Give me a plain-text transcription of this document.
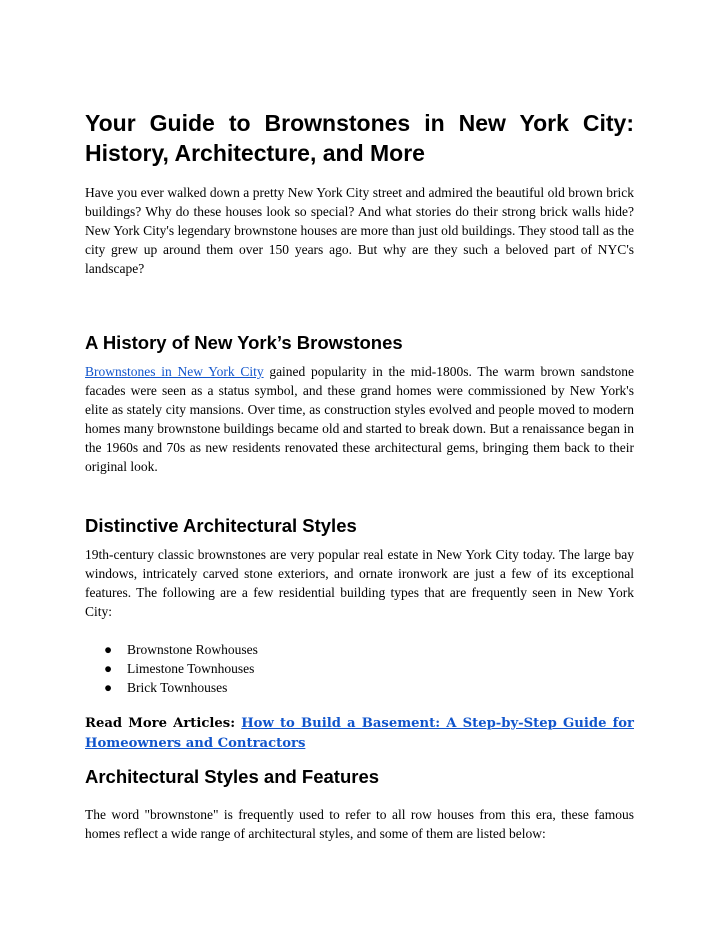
Your Guide to Brownstones in New York City: History, Architecture, and More

Have you ever walked down a pretty New York City street and admired the beautiful old brown brick buildings? Why do these houses look so special? And what stories do their strong brick walls hide? New York City's legendary brownstone houses are more than just old buildings. They stood tall as the city grew up around them over 150 years ago. But why are they such a beloved part of NYC's landscape?

A History of New York’s Browstones

Brownstones in New York City gained popularity in the mid-1800s. The warm brown sandstone facades were seen as a status symbol, and these grand homes were commissioned by New York's elite as stately city mansions. Over time, as construction styles evolved and people moved to modern homes many brownstone buildings became old and started to break down. But a renaissance began in the 1960s and 70s as new residents renovated these architectural gems, bringing them back to their original look.

Distinctive Architectural Styles

19th-century classic brownstones are very popular real estate in New York City today. The large bay windows, intricately carved stone exteriors, and ornate ironwork are just a few of its exceptional features. The following are a few residential building types that are frequently seen in New York City:

● Brownstone Rowhouses
● Limestone Townhouses
● Brick Townhouses

Read More Articles: How to Build a Basement: A Step-by-Step Guide for Homeowners and Contractors

Architectural Styles and Features

The word "brownstone" is frequently used to refer to all row houses from this era, these famous homes reflect a wide range of architectural styles, and some of them are listed below:
